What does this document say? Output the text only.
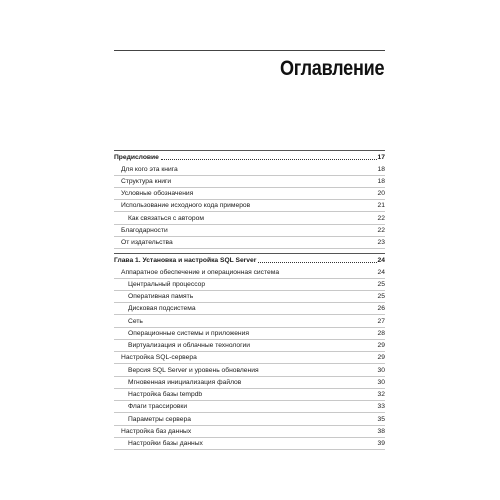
Оглавление
Предисловие	17
Для кого эта книга	18
Структура книги	18
Условные обозначения	20
Использование исходного кода примеров	21
Как связаться с автором	22
Благодарности	22
От издательства	23
Глава 1. Установка и настройка SQL Server	24
Аппаратное обеспечение и операционная система	24
Центральный процессор	25
Оперативная память	25
Дисковая подсистема	26
Сеть	27
Операционные системы и приложения	28
Виртуализация и облачные технологии	29
Настройка SQL-сервера	29
Версия SQL Server и уровень обновления	30
Мгновенная инициализация файлов	30
Настройка базы tempdb	32
Флаги трассировки	33
Параметры сервера	35
Настройка баз данных	38
Настройки базы данных	39
